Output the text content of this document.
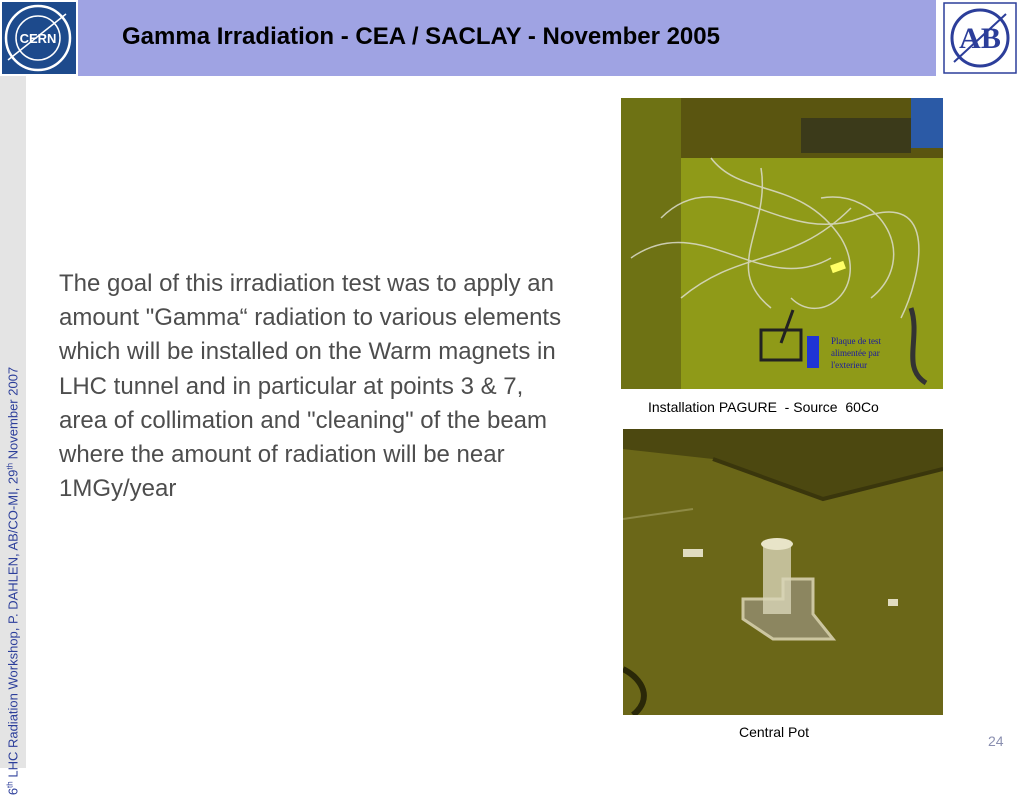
CERN	Gamma Irradiation - CEA / SACLAY - November 2005	AB
6th LHC Radiation Workshop, P. DAHLEN, AB/CO-MI, 29th November 2007
The goal of this irradiation test was to apply an amount "Gamma“ radiation to various elements which will be installed on the Warm magnets in LHC tunnel and in particular at points 3 & 7, area of collimation and "cleaning" of the beam where the amount of radiation will be near 1MGy/year
Plaque de test
alimentée par
l'exterieur
Installation PAGURE  - Source  60Co
Central Pot
24
